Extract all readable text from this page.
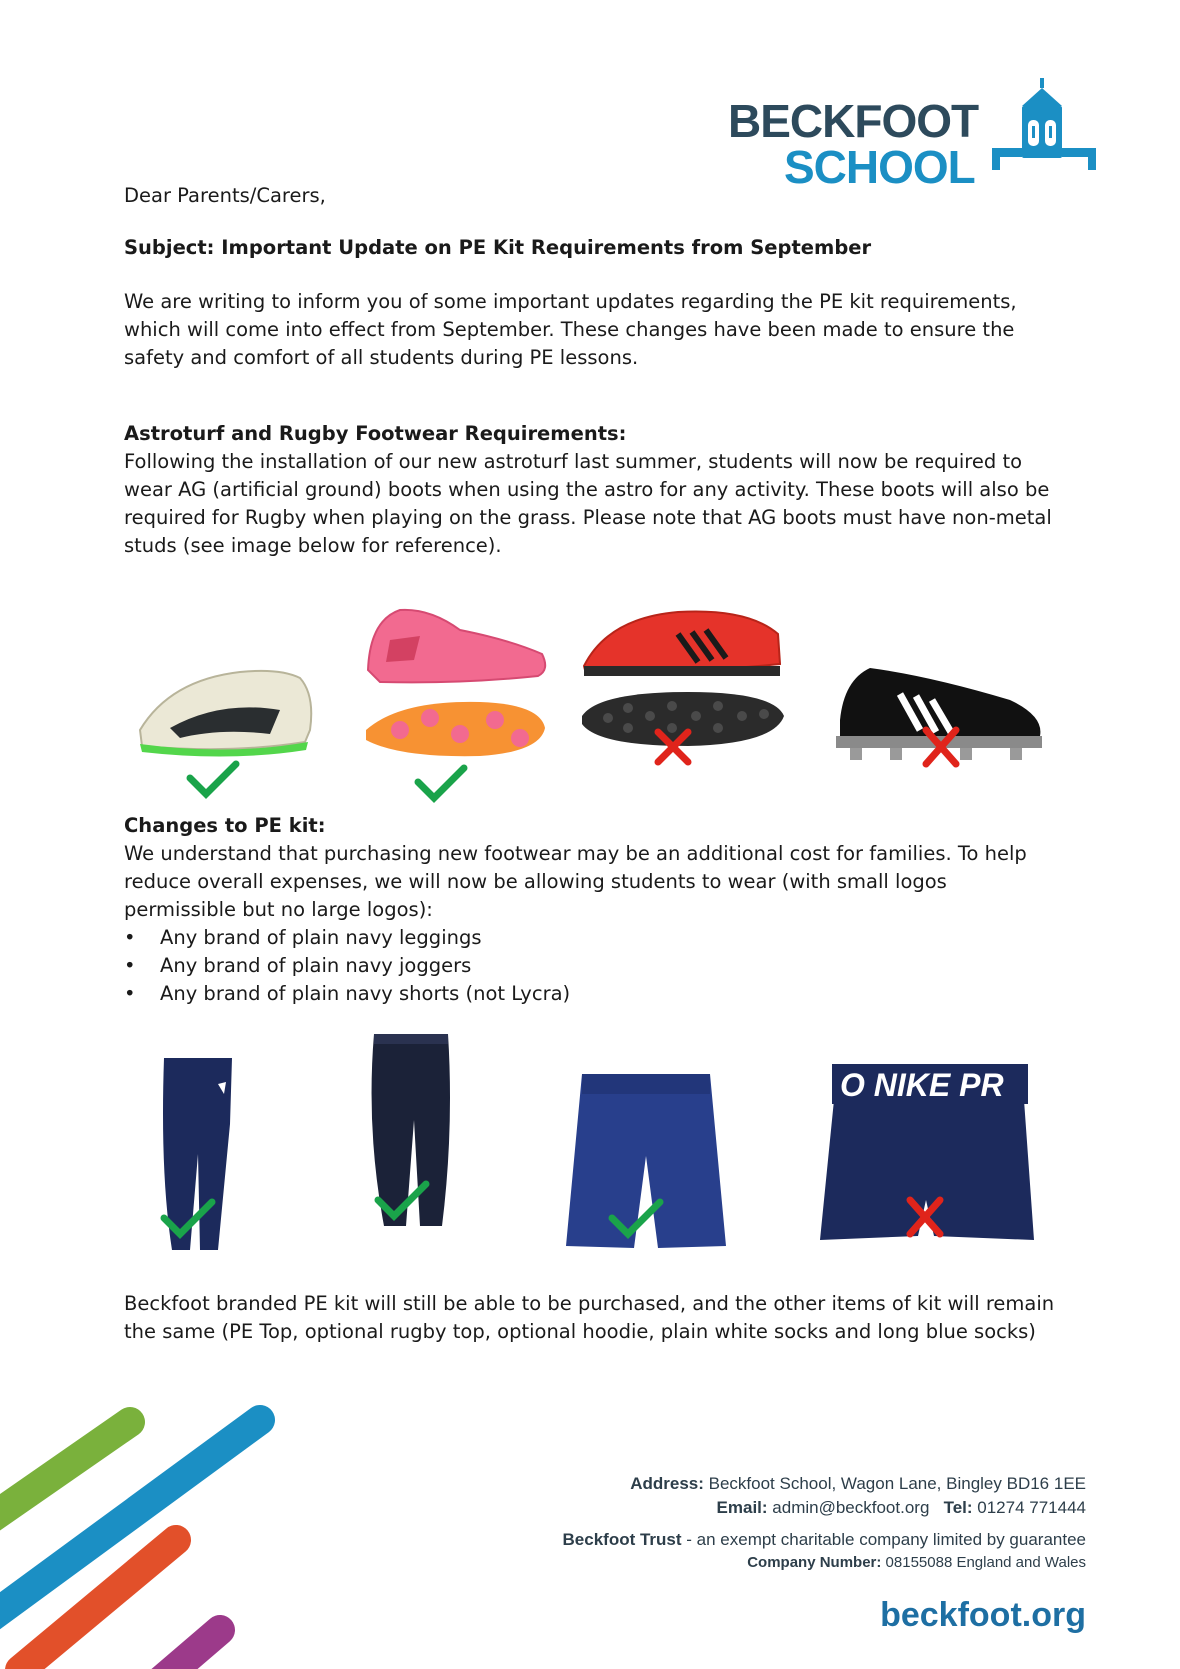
BECKFOOT
SCHOOL

Dear Parents/Carers,

Subject: Important Update on PE Kit Requirements from September

We are writing to inform you of some important updates regarding the PE kit requirements, which will come into effect from September. These changes have been made to ensure the safety and comfort of all students during PE lessons.

Astroturf and Rugby Footwear Requirements:

Following the installation of our new astroturf last summer, students will now be required to wear AG (artificial ground) boots when using the astro for any activity. These boots will also be required for Rugby when playing on the grass. Please note that AG boots must have non-metal studs (see image below for reference).

Changes to PE kit:

We understand that purchasing new footwear may be an additional cost for families. To help reduce overall expenses, we will now be allowing students to wear (with small logos permissible but no large logos):

• Any brand of plain navy leggings
• Any brand of plain navy joggers
• Any brand of plain navy shorts (not Lycra)
O NIKE PR

Beckfoot branded PE kit will still be able to be purchased, and the other items of kit will remain the same (PE Top, optional rugby top, optional hoodie, plain white socks and long blue socks)

Address: Beckfoot School, Wagon Lane, Bingley BD16 1EE
Email: admin@beckfoot.org Tel: 01274 771444
Beckfoot Trust - an exempt charitable company limited by guarantee
Company Number: 08155088 England and Wales
beckfoot.org
